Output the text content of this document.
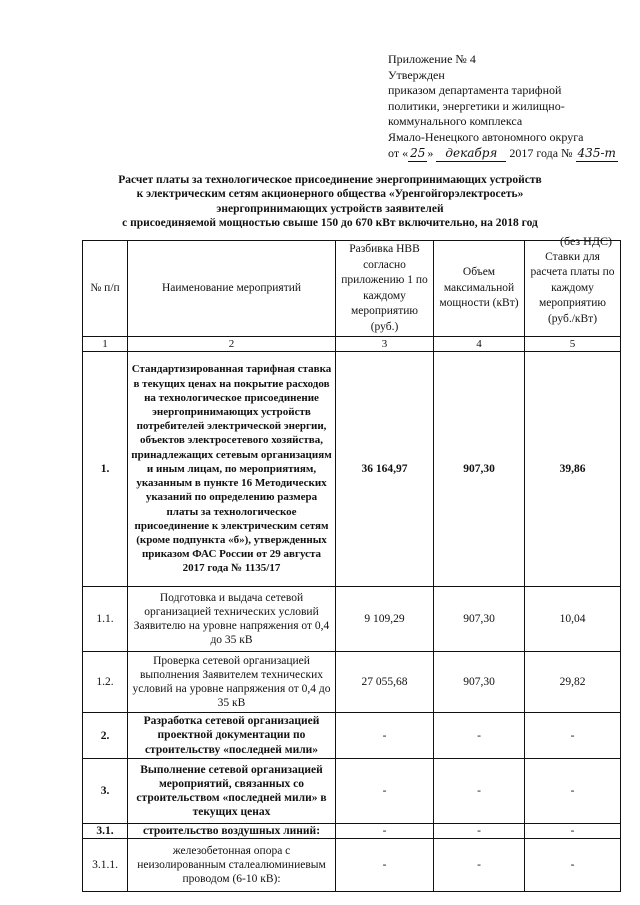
Приложение № 4
Утвержден
приказом департамента тарифной
политики, энергетики и жилищно-
коммунального комплекса
Ямало-Ненецкого автономного округа
от « 25 » декабря 2017 года № 435-т
Расчет платы за технологическое присоединение энергопринимающих устройств
к электрическим сетям акционерного общества «Уренгойгорэлектросеть»
энергопринимающих устройств заявителей
с присоединяемой мощностью свыше 150 до 670 кВт включительно, на 2018 год
(без НДС)
№ п/п	Наименование мероприятий	Разбивка НВВ согласно приложению 1 по каждому мероприятию (руб.)	Объем максимальной мощности (кВт)	Ставки для расчета платы по каждому мероприятию (руб./кВт)
1	2	3	4	5
1.	Стандартизированная тарифная ставка в текущих ценах на покрытие расходов на технологическое присоединение энергопринимающих устройств потребителей электрической энергии, объектов электросетевого хозяйства, принадлежащих сетевым организациям и иным лицам, по мероприятиям, указанным в пункте 16 Методических указаний по определению размера платы за технологическое присоединение к электрическим сетям (кроме подпункта «б»), утвержденных приказом ФАС России от 29 августа 2017 года № 1135/17	36 164,97	907,30	39,86
1.1.	Подготовка и выдача сетевой организацией технических условий Заявителю на уровне напряжения от 0,4 до 35 кВ	9 109,29	907,30	10,04
1.2.	Проверка сетевой организацией выполнения Заявителем технических условий на уровне напряжения от 0,4 до 35 кВ	27 055,68	907,30	29,82
2.	Разработка сетевой организацией проектной документации по строительству «последней мили»	-	-	-
3.	Выполнение сетевой организацией мероприятий, связанных со строительством «последней мили» в текущих ценах	-	-	-
3.1.	строительство воздушных линий:	-	-	-
3.1.1.	железобетонная опора с неизолированным сталеалюминиевым проводом (6-10 кВ):	-	-	-
